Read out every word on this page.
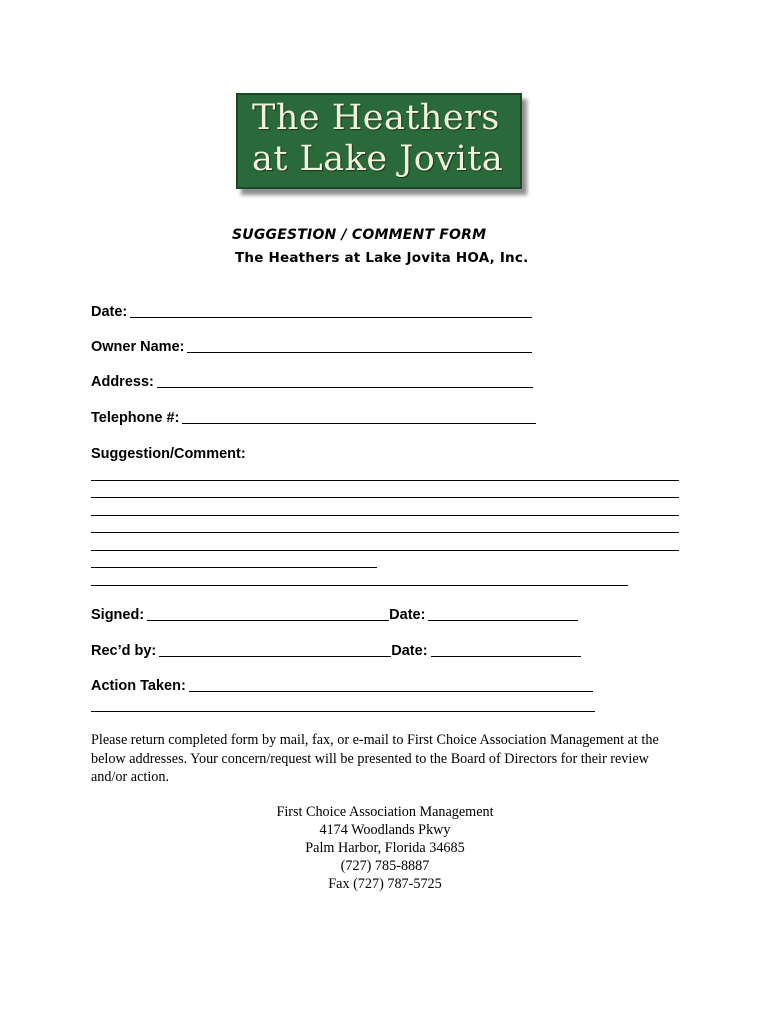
The Heathers
at Lake Jovita
SUGGESTION / COMMENT FORM
The Heathers at Lake Jovita HOA, Inc.
Date:
Owner Name:
Address:
Telephone #:
Suggestion/Comment:
Signed:	Date:
Rec’d by:	Date:
Action Taken:
Please return completed form by mail, fax, or e-mail to First Choice Association Management at the below addresses. Your concern/request will be presented to the Board of Directors for their review and/or action.
First Choice Association Management
4174 Woodlands Pkwy
Palm Harbor, Florida 34685
(727) 785-8887
Fax (727) 787-5725
